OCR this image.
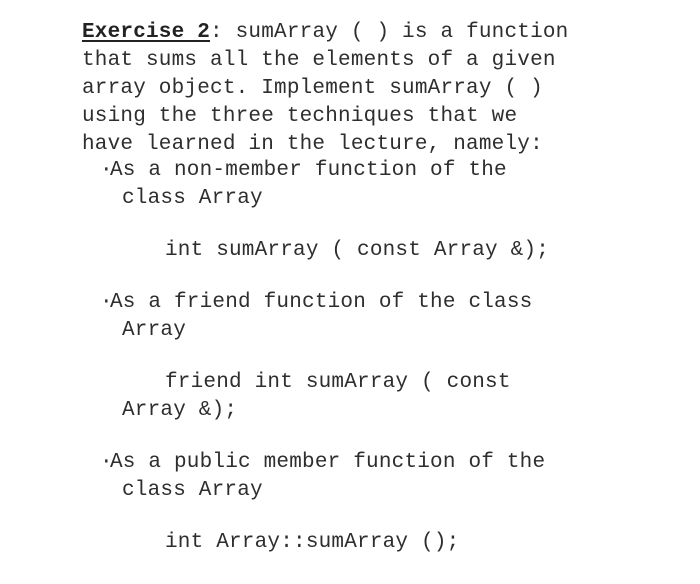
Exercise 2: sumArray ( ) is a function
that sums all the elements of a given
array object. Implement sumArray ( )
using the three techniques that we
have learned in the lecture, namely:
·As a non-member function of the
class Array
int sumArray ( const Array &);
·As a friend function of the class
Array
friend int sumArray ( const
Array &);
·As a public member function of the
class Array
int Array::sumArray ();
